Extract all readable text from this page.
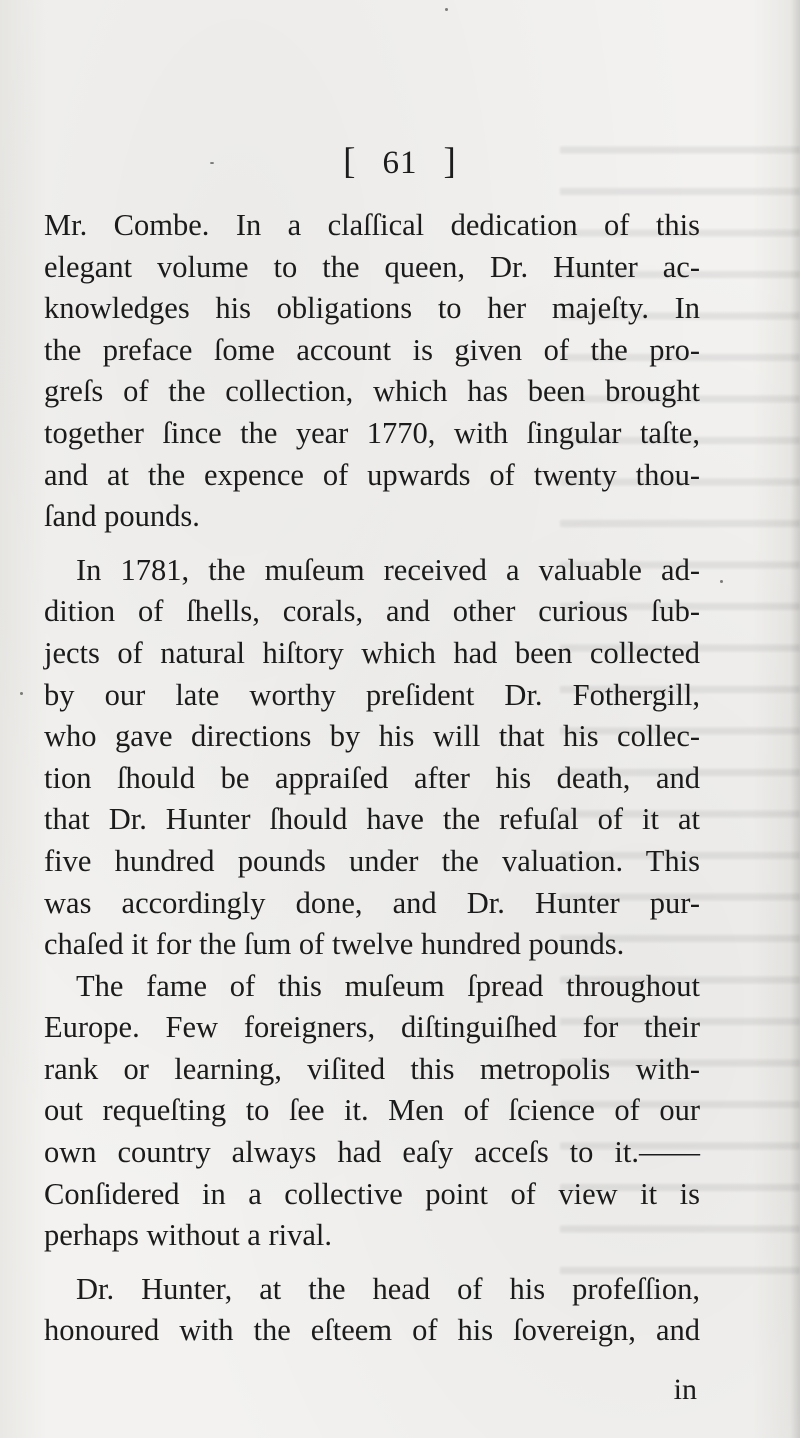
[ 61 ]

Mr. Combe. In a claſſical dedication of this
elegant volume to the queen, Dr. Hunter ac-
knowledges his obligations to her majeſty. In
the preface ſome account is given of the pro-
greſs of the collection, which has been brought
together ſince the year 1770, with ſingular taſte,
and at the expence of upwards of twenty thou-
ſand pounds.

In 1781, the muſeum received a valuable ad-
dition of ſhells, corals, and other curious ſub-
jects of natural hiſtory which had been collected
by our late worthy preſident Dr. Fothergill,
who gave directions by his will that his collec-
tion ſhould be appraiſed after his death, and
that Dr. Hunter ſhould have the refuſal of it at
five hundred pounds under the valuation. This
was accordingly done, and Dr. Hunter pur-
chaſed it for the ſum of twelve hundred pounds.

The fame of this muſeum ſpread throughout
Europe. Few foreigners, diſtinguiſhed for their
rank or learning, viſited this metropolis with-
out requeſting to ſee it. Men of ſcience of our
own country always had eaſy acceſs to it.——
Conſidered in a collective point of view it is
perhaps without a rival.

Dr. Hunter, at the head of his profeſſion,
honoured with the eſteem of his ſovereign, and

in
